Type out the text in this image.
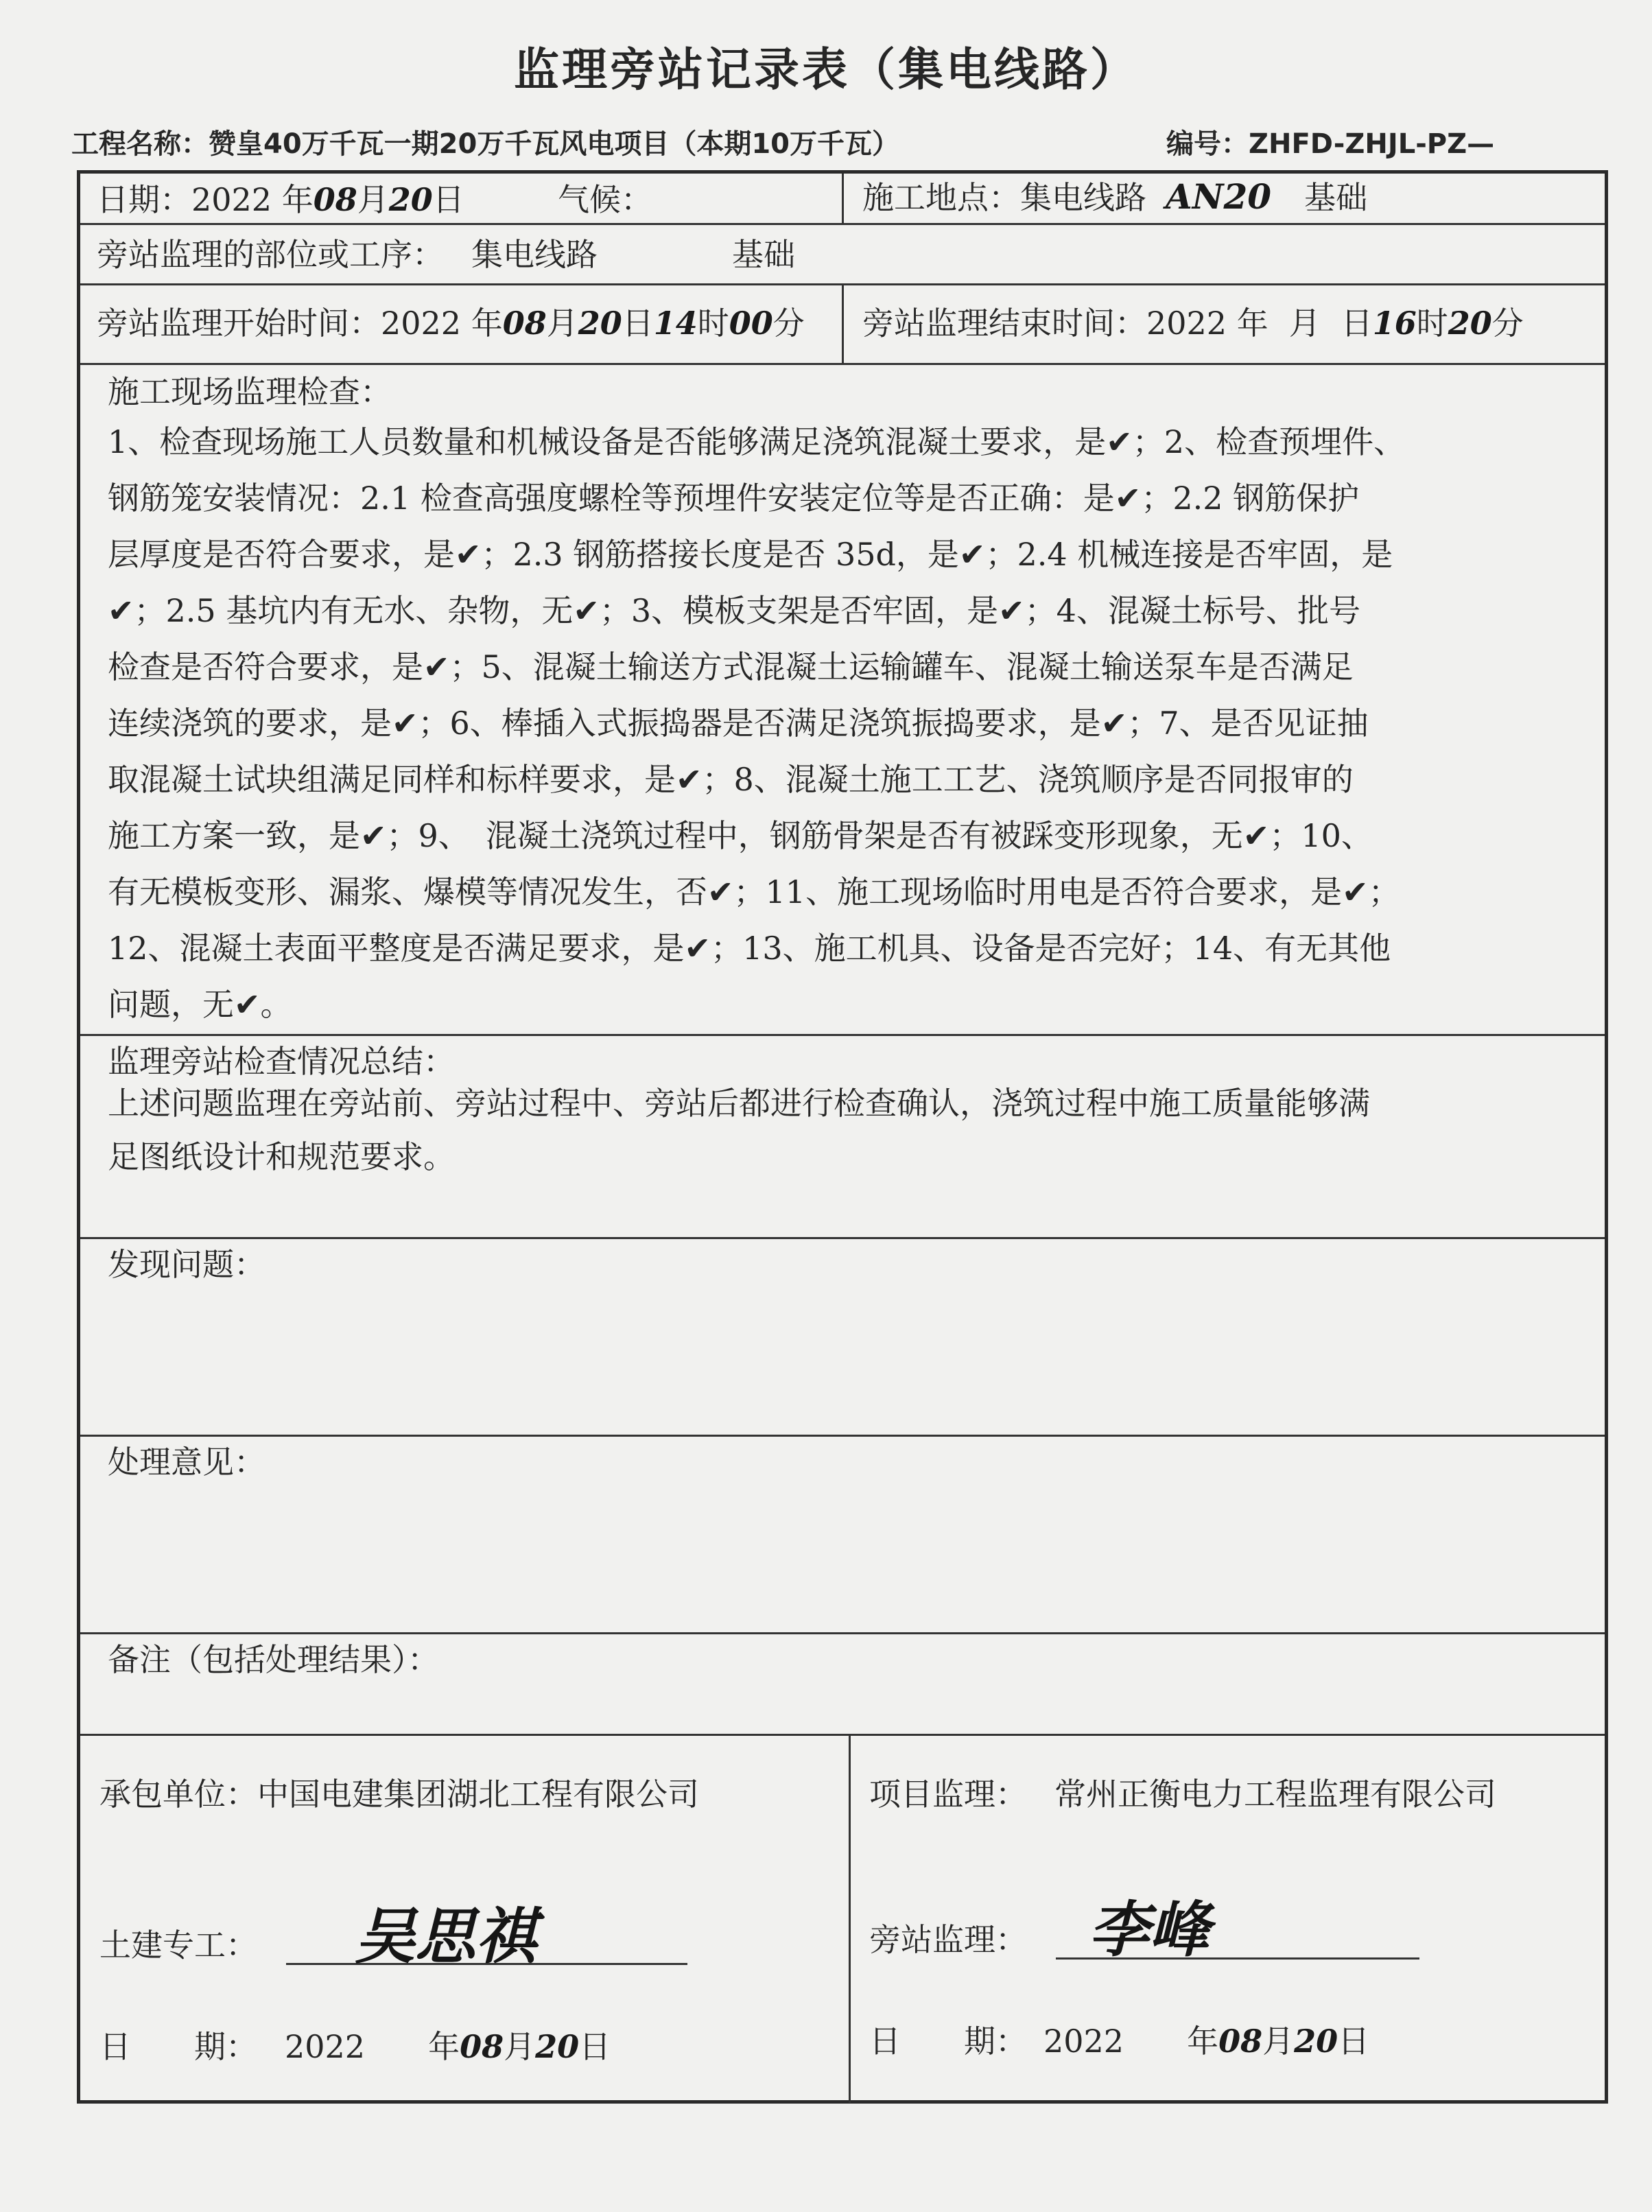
监理旁站记录表（集电线路）
工程名称：赞皇40万千瓦一期20万千瓦风电项目（本期10万千瓦）	编号：ZHFD-ZHJL-PZ—
日期：2022 年08月20日	气候：	施工地点：集电线路 AN20 基础
旁站监理的部位或工序： 集电线路	基础
旁站监理开始时间：2022 年08月20日14时00分 旁站监理结束时间：2022 年 月 日16时20分
施工现场监理检查：
1、检查现场施工人员数量和机械设备是否能够满足浇筑混凝土要求，是✔；2、检查预埋件、
钢筋笼安装情况：2.1 检查高强度螺栓等预埋件安装定位等是否正确：是✔；2.2 钢筋保护
层厚度是否符合要求，是✔；2.3 钢筋搭接长度是否 35d，是✔；2.4 机械连接是否牢固，是
✔；2.5 基坑内有无水、杂物，无✔；3、模板支架是否牢固，是✔；4、混凝土标号、批号
检查是否符合要求，是✔；5、混凝土输送方式混凝土运输罐车、混凝土输送泵车是否满足
连续浇筑的要求，是✔；6、棒插入式振捣器是否满足浇筑振捣要求，是✔；7、是否见证抽
取混凝土试块组满足同样和标样要求，是✔；8、混凝土施工工艺、浇筑顺序是否同报审的
施工方案一致，是✔；9、　混凝土浇筑过程中，钢筋骨架是否有被踩变形现象，无✔；10、
有无模板变形、漏浆、爆模等情况发生，否✔；11、施工现场临时用电是否符合要求，是✔；
12、混凝土表面平整度是否满足要求，是✔；13、施工机具、设备是否完好；14、有无其他
问题，无✔。
监理旁站检查情况总结：
上述问题监理在旁站前、旁站过程中、旁站后都进行检查确认，浇筑过程中施工质量能够满
足图纸设计和规范要求。
发现问题：
处理意见：
备注（包括处理结果）：
承包单位：中国电建集团湖北工程有限公司
土建专工： 吴思祺
日　　期： 2022　　年08月20日
项目监理： 常州正衡电力工程监理有限公司
旁站监理： 李峰
日　　期： 2022　　年08月20日
